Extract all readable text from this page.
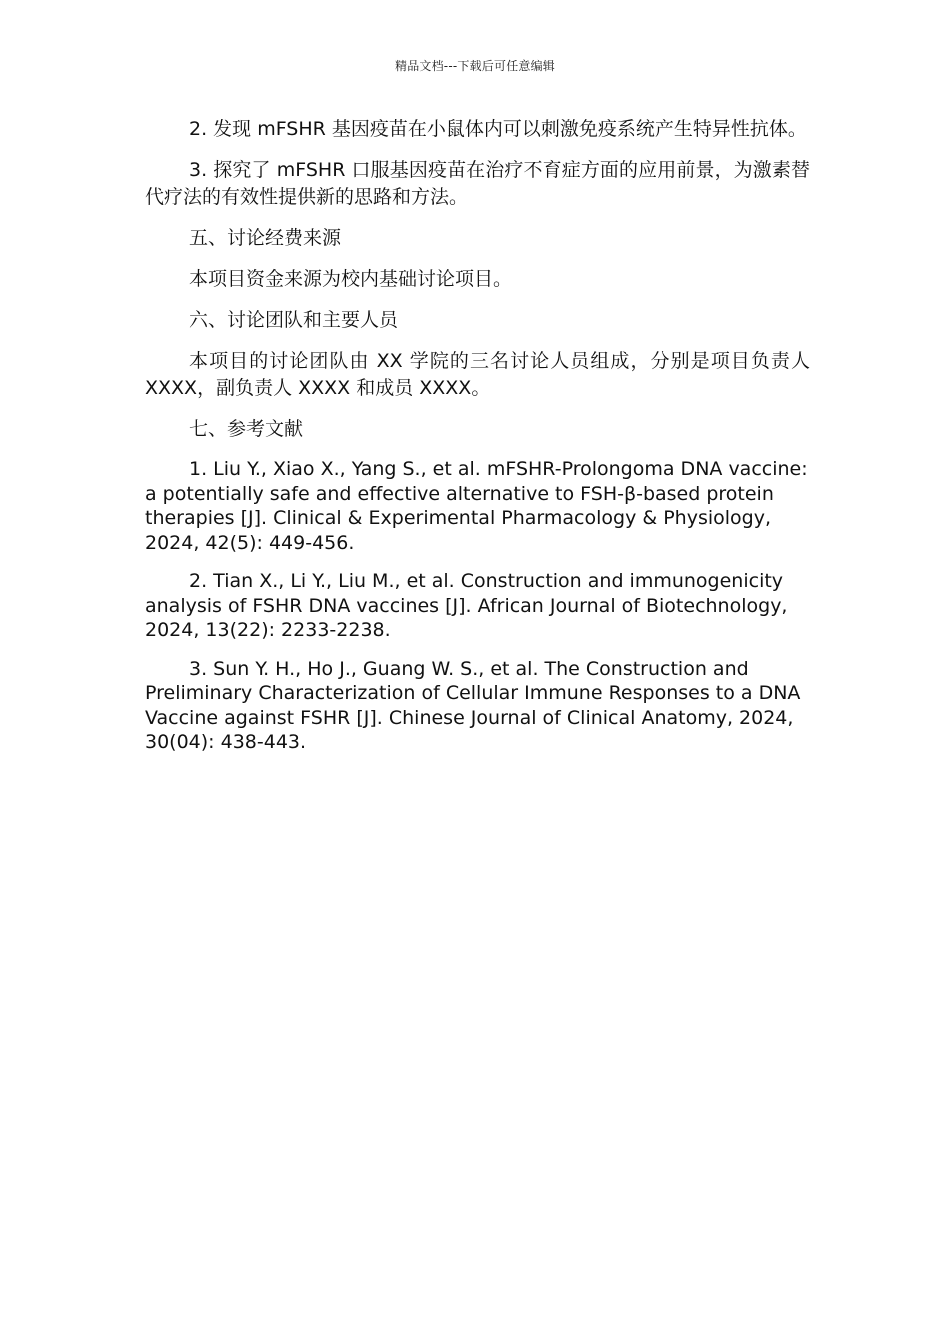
精品文档---下载后可任意编辑

2. 发现 mFSHR 基因疫苗在小鼠体内可以刺激免疫系统产生特异性抗体。

3. 探究了 mFSHR 口服基因疫苗在治疗不育症方面的应用前景，为激素替代疗法的有效性提供新的思路和方法。

五、讨论经费来源

本项目资金来源为校内基础讨论项目。

六、讨论团队和主要人员

本项目的讨论团队由 XX 学院的三名讨论人员组成，分别是项目负责人 XXXX，副负责人 XXXX 和成员 XXXX。

七、参考文献

1. Liu Y., Xiao X., Yang S., et al. mFSHR-Prolongoma DNA vaccine: a potentially safe and effective alternative to FSH-β-based protein therapies [J]. Clinical & Experimental Pharmacology & Physiology, 2024, 42(5): 449-456.

2. Tian X., Li Y., Liu M., et al. Construction and immunogenicity analysis of FSHR DNA vaccines [J]. African Journal of Biotechnology, 2024, 13(22): 2233-2238.

3. Sun Y. H., Ho J., Guang W. S., et al. The Construction and Preliminary Characterization of Cellular Immune Responses to a DNA Vaccine against FSHR [J]. Chinese Journal of Clinical Anatomy, 2024, 30(04): 438-443.
